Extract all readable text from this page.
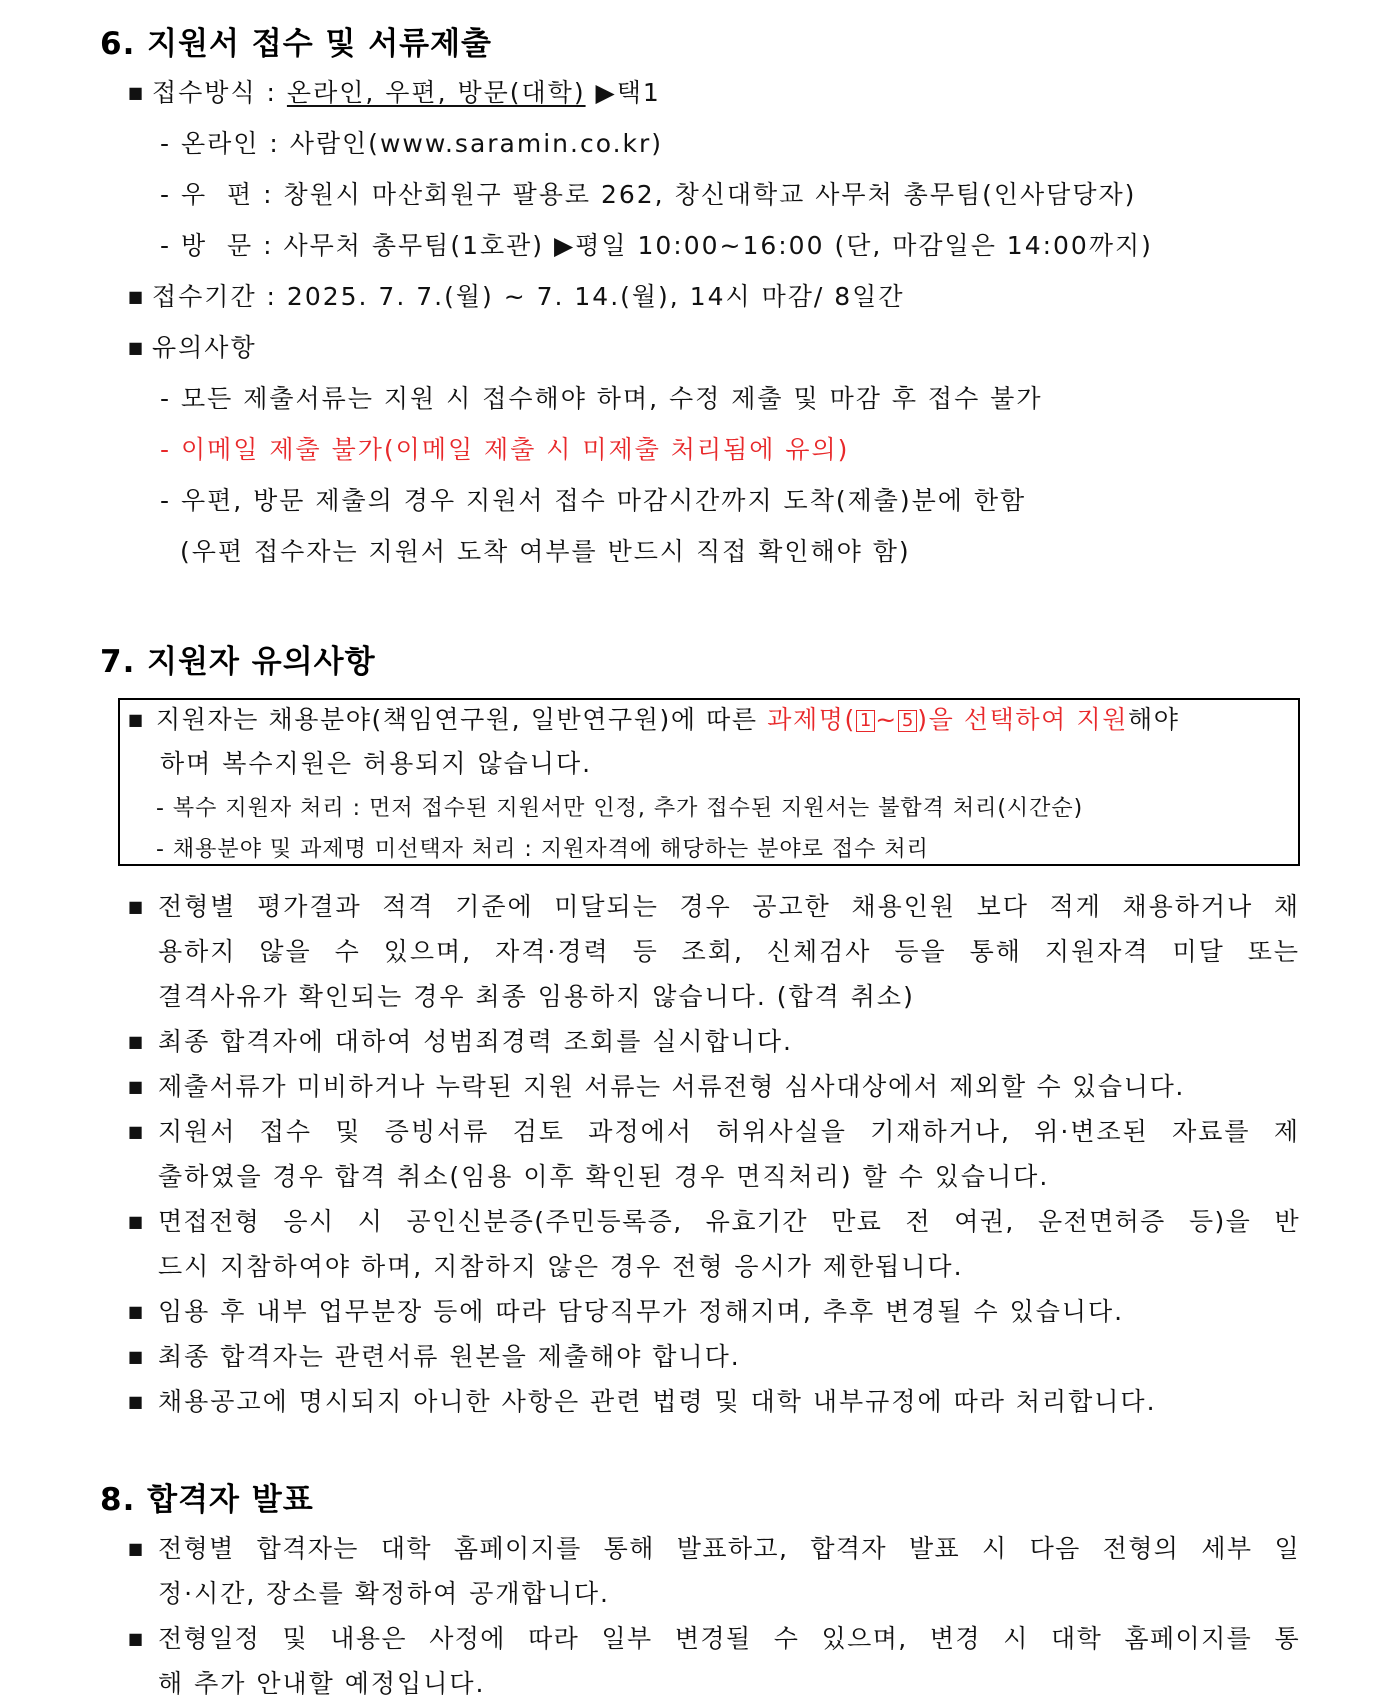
6. 지원서 접수 및 서류제출
■ 접수방식 : 온라인, 우편, 방문(대학) ▶택1
- 온라인 : 사람인(www.saramin.co.kr)
- 우  편 : 창원시 마산회원구 팔용로 262, 창신대학교 사무처 총무팀(인사담당자)
- 방  문 : 사무처 총무팀(1호관) ▶평일 10:00~16:00 (단, 마감일은 14:00까지)
■ 접수기간 : 2025. 7. 7.(월) ~ 7. 14.(월), 14시 마감/ 8일간
■ 유의사항
- 모든 제출서류는 지원 시 접수해야 하며, 수정 제출 및 마감 후 접수 불가
- 이메일 제출 불가(이메일 제출 시 미제출 처리됨에 유의)
- 우편, 방문 제출의 경우 지원서 접수 마감시간까지 도착(제출)분에 한함
(우편 접수자는 지원서 도착 여부를 반드시 직접 확인해야 함)
7. 지원자 유의사항
■ 지원자는 채용분야(책임연구원, 일반연구원)에 따른 과제명( 1 ~ 5 )을 선택하여 지원해야
하며 복수지원은 허용되지 않습니다.
- 복수 지원자 처리 : 먼저 접수된 지원서만 인정, 추가 접수된 지원서는 불합격 처리(시간순)
- 채용분야 및 과제명 미선택자 처리 : 지원자격에 해당하는 분야로 접수 처리
■ 전형별 평가결과 적격 기준에 미달되는 경우 공고한 채용인원 보다 적게 채용하거나 채
용하지 않을 수 있으며, 자격·경력 등 조회, 신체검사 등을 통해 지원자격 미달 또는
결격사유가 확인되는 경우 최종 임용하지 않습니다. (합격 취소)
■ 최종 합격자에 대하여 성범죄경력 조회를 실시합니다.
■ 제출서류가 미비하거나 누락된 지원 서류는 서류전형 심사대상에서 제외할 수 있습니다.
■ 지원서 접수 및 증빙서류 검토 과정에서 허위사실을 기재하거나, 위·변조된 자료를 제
출하였을 경우 합격 취소(임용 이후 확인된 경우 면직처리) 할 수 있습니다.
■ 면접전형 응시 시 공인신분증(주민등록증, 유효기간 만료 전 여권, 운전면허증 등)을 반
드시 지참하여야 하며, 지참하지 않은 경우 전형 응시가 제한됩니다.
■ 임용 후 내부 업무분장 등에 따라 담당직무가 정해지며, 추후 변경될 수 있습니다.
■ 최종 합격자는 관련서류 원본을 제출해야 합니다.
■ 채용공고에 명시되지 아니한 사항은 관련 법령 및 대학 내부규정에 따라 처리합니다.
8. 합격자 발표
■ 전형별 합격자는 대학 홈페이지를 통해 발표하고, 합격자 발표 시 다음 전형의 세부 일
정·시간, 장소를 확정하여 공개합니다.
■ 전형일정 및 내용은 사정에 따라 일부 변경될 수 있으며, 변경 시 대학 홈페이지를 통
해 추가 안내할 예정입니다.
